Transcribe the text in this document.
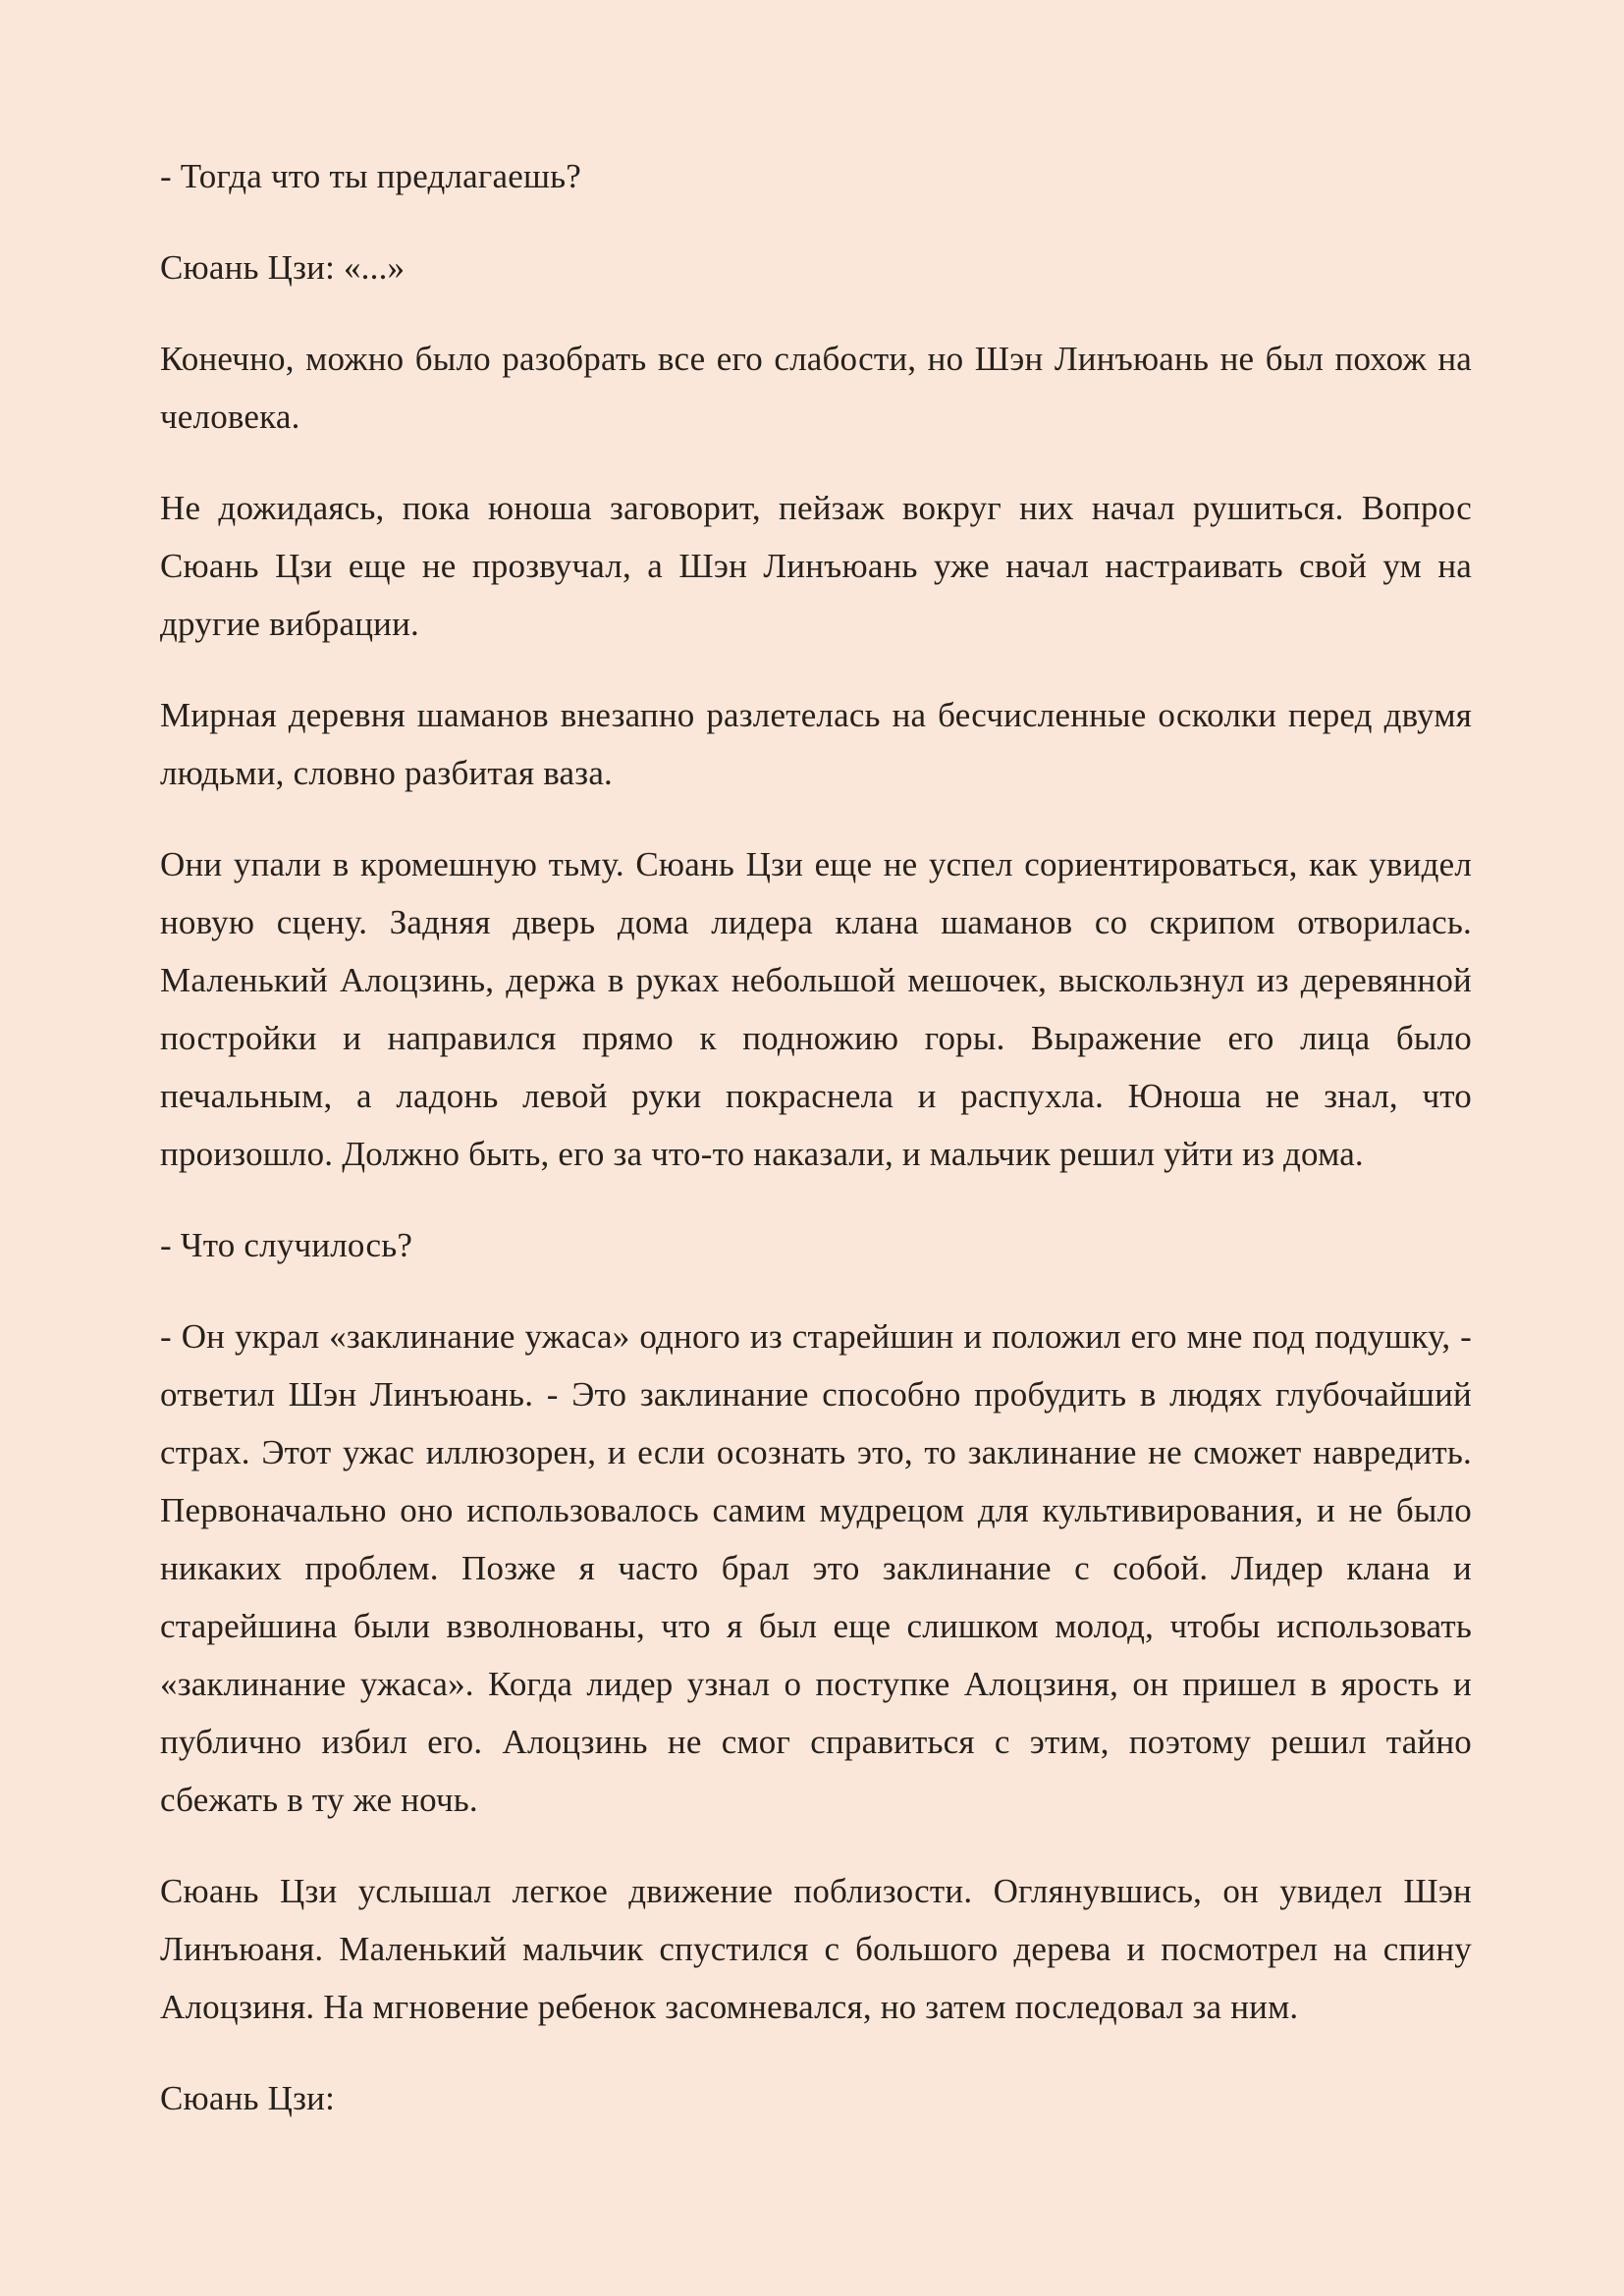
- Тогда что ты предлагаешь?

Сюань Цзи: «...»

Конечно, можно было разобрать все его слабости, но Шэн Линъюань не был похож на человека.

Не дожидаясь, пока юноша заговорит, пейзаж вокруг них начал рушиться. Вопрос Сюань Цзи еще не прозвучал, а Шэн Линъюань уже начал настраивать свой ум на другие вибрации.

Мирная деревня шаманов внезапно разлетелась на бесчисленные осколки перед двумя людьми, словно разбитая ваза.

Они упали в кромешную тьму. Сюань Цзи еще не успел сориентироваться, как увидел новую сцену. Задняя дверь дома лидера клана шаманов со скрипом отворилась. Маленький Алоцзинь, держа в руках небольшой мешочек, выскользнул из деревянной постройки и направился прямо к подножию горы. Выражение его лица было печальным, а ладонь левой руки покраснела и распухла. Юноша не знал, что произошло. Должно быть, его за что-то наказали, и мальчик решил уйти из дома.

- Что случилось?

- Он украл «заклинание ужаса» одного из старейшин и положил его мне под подушку, - ответил Шэн Линъюань. - Это заклинание способно пробудить в людях глубочайший страх. Этот ужас иллюзорен, и если осознать это, то заклинание не сможет навредить. Первоначально оно использовалось самим мудрецом для культивирования, и не было никаких проблем. Позже я часто брал это заклинание с собой. Лидер клана и старейшина были взволнованы, что я был еще слишком молод, чтобы использовать «заклинание ужаса». Когда лидер узнал о поступке Алоцзиня, он пришел в ярость и публично избил его. Алоцзинь не смог справиться с этим, поэтому решил тайно сбежать в ту же ночь.

Сюань Цзи услышал легкое движение поблизости. Оглянувшись, он увидел Шэн Линъюаня. Маленький мальчик спустился с большого дерева и посмотрел на спину Алоцзиня. На мгновение ребенок засомневался, но затем последовал за ним.

Сюань Цзи:
